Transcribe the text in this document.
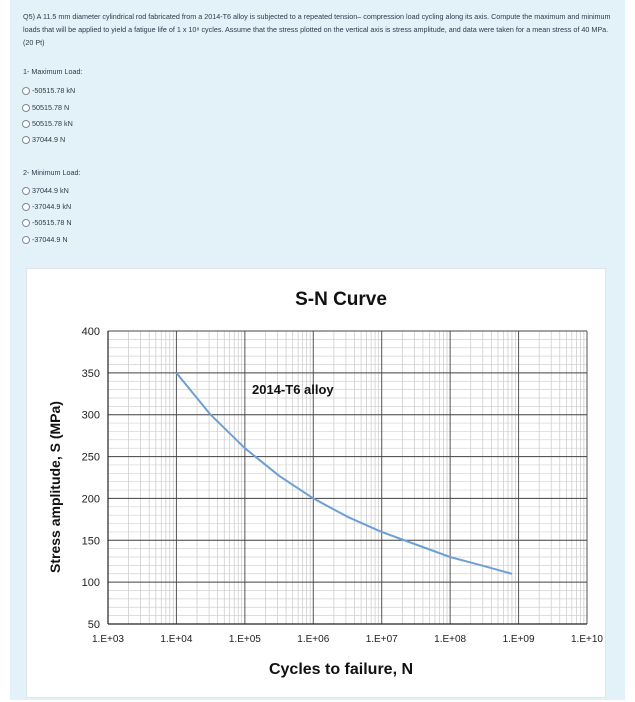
Q5) A 11.5 mm diameter cylindrical rod fabricated from a 2014-T6 alloy is subjected to a repeated tension– compression load cycling along its axis. Compute the maximum and minimum loads that will be applied to yield a fatigue life of 1 x 10⁸ cycles. Assume that the stress plotted on the vertical axis is stress amplitude, and data were taken for a mean stress of 40 MPa. (20 Pt)
1- Maximum Load:
-50515.78 kN
50515.78 N
50515.78 kN
37044.9 N
2- Minimum Load:
37044.9 kN
-37044.9 kN
-50515.78 N
-37044.9 N
50
100
150
200
250
300
350
400
1.E+03	1.E+04	1.E+05	1.E+06	1.E+07	1.E+08	1.E+09	1.E+10
S-N Curve
2014-T6 alloy
Cycles to failure, N
Stress amplitude, S (MPa)
